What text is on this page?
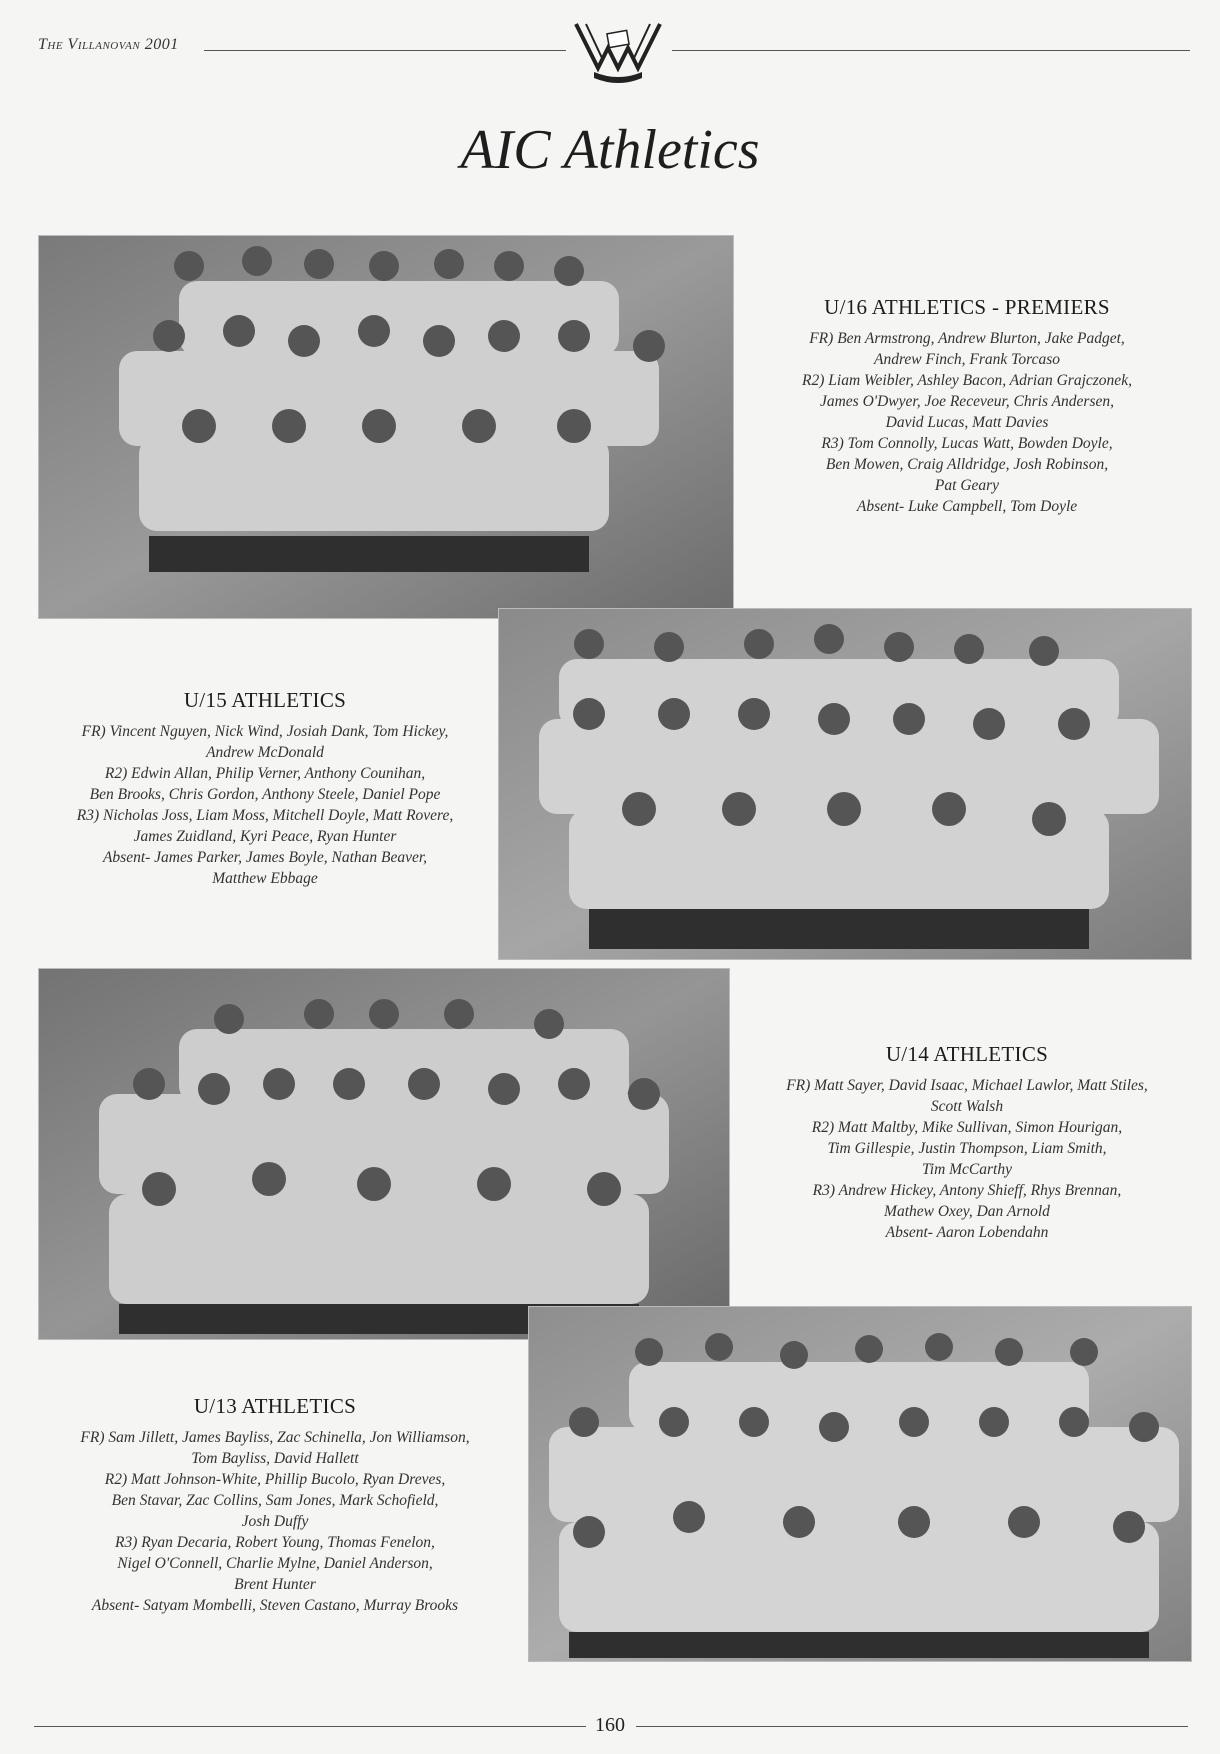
The Villanovan 2001
AIC Athletics
U/16 ATHLETICS - PREMIERS

FR) Ben Armstrong, Andrew Blurton, Jake Padget,
Andrew Finch, Frank Torcaso
R2) Liam Weibler, Ashley Bacon, Adrian Grajczonek,
James O'Dwyer, Joe Receveur, Chris Andersen,
David Lucas, Matt Davies
R3) Tom Connolly, Lucas Watt, Bowden Doyle,
Ben Mowen, Craig Alldridge, Josh Robinson,
Pat Geary
Absent- Luke Campbell, Tom Doyle

U/15 ATHLETICS

FR) Vincent Nguyen, Nick Wind, Josiah Dank, Tom Hickey,
Andrew McDonald
R2) Edwin Allan, Philip Verner, Anthony Counihan,
Ben Brooks, Chris Gordon, Anthony Steele, Daniel Pope
R3) Nicholas Joss, Liam Moss, Mitchell Doyle, Matt Rovere,
James Zuidland, Kyri Peace, Ryan Hunter
Absent- James Parker, James Boyle, Nathan Beaver,
Matthew Ebbage

U/14 ATHLETICS

FR) Matt Sayer, David Isaac, Michael Lawlor, Matt Stiles,
Scott Walsh
R2) Matt Maltby, Mike Sullivan, Simon Hourigan,
Tim Gillespie, Justin Thompson, Liam Smith,
Tim McCarthy
R3) Andrew Hickey, Antony Shieff, Rhys Brennan,
Mathew Oxey, Dan Arnold
Absent- Aaron Lobendahn

U/13 ATHLETICS

FR) Sam Jillett, James Bayliss, Zac Schinella, Jon Williamson,
Tom Bayliss, David Hallett
R2) Matt Johnson-White, Phillip Bucolo, Ryan Dreves,
Ben Stavar, Zac Collins, Sam Jones, Mark Schofield,
Josh Duffy
R3) Ryan Decaria, Robert Young, Thomas Fenelon,
Nigel O'Connell, Charlie Mylne, Daniel Anderson,
Brent Hunter
Absent- Satyam Mombelli, Steven Castano, Murray Brooks

160
